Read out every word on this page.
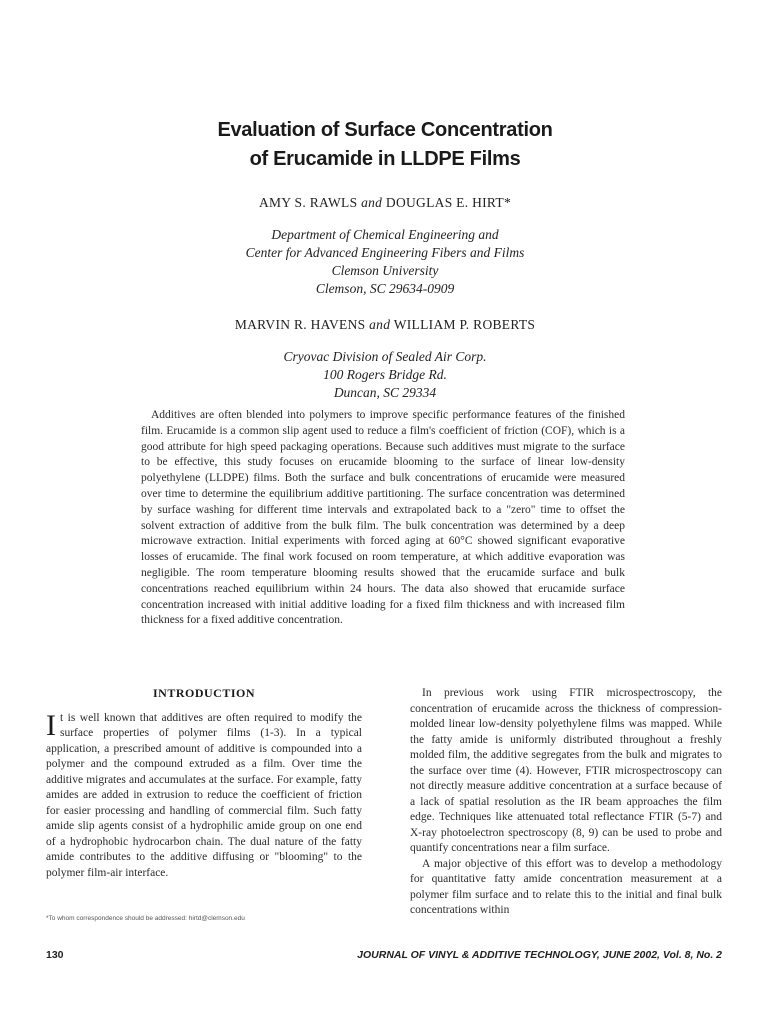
Evaluation of Surface Concentration
of Erucamide in LLDPE Films
AMY S. RAWLS and DOUGLAS E. HIRT*
Department of Chemical Engineering and
Center for Advanced Engineering Fibers and Films
Clemson University
Clemson, SC 29634-0909
MARVIN R. HAVENS and WILLIAM P. ROBERTS
Cryovac Division of Sealed Air Corp.
100 Rogers Bridge Rd.
Duncan, SC 29334

Additives are often blended into polymers to improve specific performance features of the finished film. Erucamide is a common slip agent used to reduce a film's coefficient of friction (COF), which is a good attribute for high speed packaging operations. Because such additives must migrate to the surface to be effective, this study focuses on erucamide blooming to the surface of linear low-density polyethylene (LLDPE) films. Both the surface and bulk concentrations of erucamide were measured over time to determine the equilibrium additive partitioning. The surface concentration was determined by surface washing for different time intervals and extrapolated back to a "zero" time to offset the solvent extraction of additive from the bulk film. The bulk concentration was determined by a deep microwave extraction. Initial experiments with forced aging at 60°C showed significant evaporative losses of erucamide. The final work focused on room temperature, at which additive evaporation was negligible. The room temperature blooming results showed that the erucamide surface and bulk concentrations reached equilibrium within 24 hours. The data also showed that erucamide surface concentration increased with initial additive loading for a fixed film thickness and with increased film thickness for a fixed additive concentration.

INTRODUCTION

It is well known that additives are often required to modify the surface properties of polymer films (1-3). In a typical application, a prescribed amount of additive is compounded into a polymer and the compound extruded as a film. Over time the additive migrates and accumulates at the surface. For example, fatty amides are added in extrusion to reduce the coefficient of friction for easier processing and handling of commercial film. Such fatty amide slip agents consist of a hydrophilic amide group on one end of a hydrophobic hydrocarbon chain. The dual nature of the fatty amide contributes to the additive diffusing or "blooming" to the polymer film-air interface.

In previous work using FTIR microspectroscopy, the concentration of erucamide across the thickness of compression-molded linear low-density polyethylene films was mapped. While the fatty amide is uniformly distributed throughout a freshly molded film, the additive segregates from the bulk and migrates to the surface over time (4). However, FTIR microspectroscopy can not directly measure additive concentration at a surface because of a lack of spatial resolution as the IR beam approaches the film edge. Techniques like attenuated total reflectance FTIR (5-7) and X-ray photoelectron spectroscopy (8, 9) can be used to probe and quantify concentrations near a film surface.

A major objective of this effort was to develop a methodology for quantitative fatty amide concentration measurement at a polymer film surface and to relate this to the initial and final bulk concentrations within

*To whom correspondence should be addressed: hirtd@clemson.edu
130	JOURNAL OF VINYL & ADDITIVE TECHNOLOGY, JUNE 2002, Vol. 8, No. 2
